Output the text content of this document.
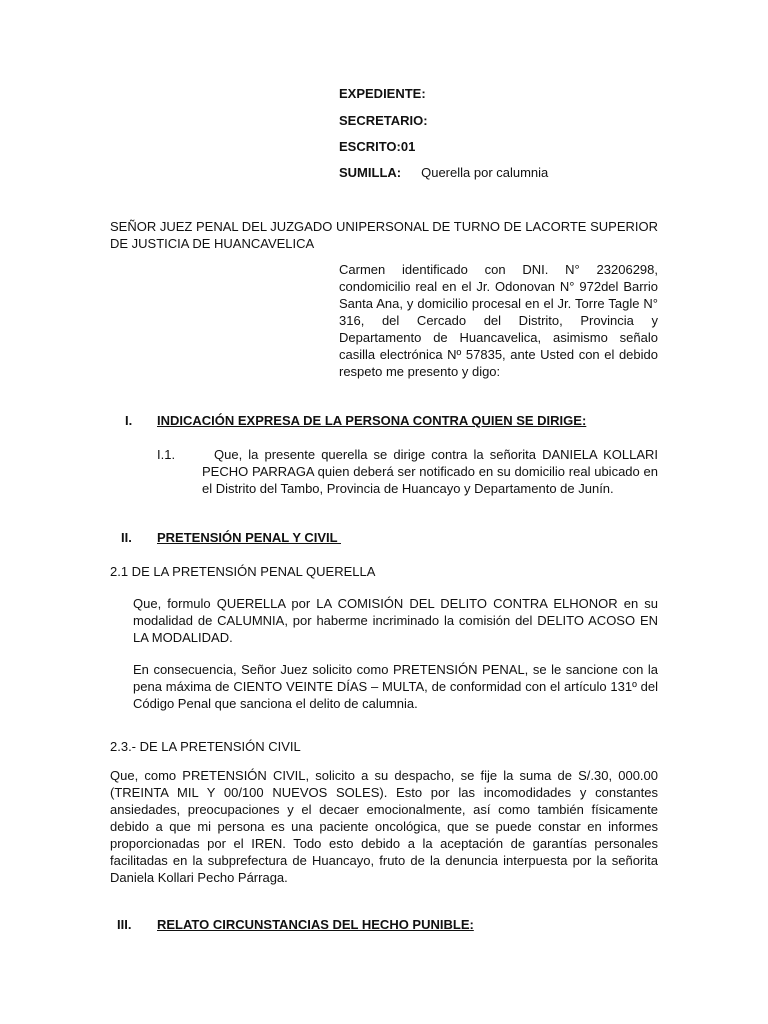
EXPEDIENTE:
SECRETARIO:
ESCRITO:01
SUMILLA: Querella por calumnia
SEÑOR JUEZ PENAL DEL JUZGADO UNIPERSONAL DE TURNO DE LACORTE SUPERIOR DE JUSTICIA DE HUANCAVELICA
Carmen identificado con DNI. N° 23206298, condomicilio real en el Jr. Odonovan N° 972del Barrio Santa Ana, y domicilio procesal en el Jr. Torre Tagle N° 316, del Cercado del Distrito, Provincia y Departamento de Huancavelica, asimismo señalo casilla electrónica Nº 57835, ante Usted con el debido respeto me presento y digo:
I. INDICACIÓN EXPRESA DE LA PERSONA CONTRA QUIEN SE DIRIGE:
I.1.	Que, la presente querella se dirige contra la señorita DANIELA KOLLARI PECHO PARRAGA quien deberá ser notificado en su domicilio real ubicado en el Distrito del Tambo, Provincia de Huancayo y Departamento de Junín.
II. PRETENSIÓN PENAL Y CIVIL
2.1 DE LA PRETENSIÓN PENAL QUERELLA
Que, formulo QUERELLA por LA COMISIÓN DEL DELITO CONTRA ELHONOR en su modalidad de CALUMNIA, por haberme incriminado la comisión del DELITO ACOSO EN LA MODALIDAD.
En consecuencia, Señor Juez solicito como PRETENSIÓN PENAL, se le sancione con la pena máxima de CIENTO VEINTE DÍAS – MULTA, de conformidad con el artículo 131º del Código Penal que sanciona el delito de calumnia.
2.3.- DE LA PRETENSIÓN CIVIL
Que, como PRETENSIÓN CIVIL, solicito a su despacho, se fije la suma de S/.30, 000.00 (TREINTA MIL Y 00/100 NUEVOS SOLES). Esto por las incomodidades y constantes ansiedades, preocupaciones y el decaer emocionalmente, así como también físicamente debido a que mi persona es una paciente oncológica, que se puede constar en informes proporcionadas por el IREN. Todo esto debido a la aceptación de garantías personales facilitadas en la subprefectura de Huancayo, fruto de la denuncia interpuesta por la señorita Daniela Kollari Pecho Párraga.
III. RELATO CIRCUNSTANCIAS DEL HECHO PUNIBLE:
